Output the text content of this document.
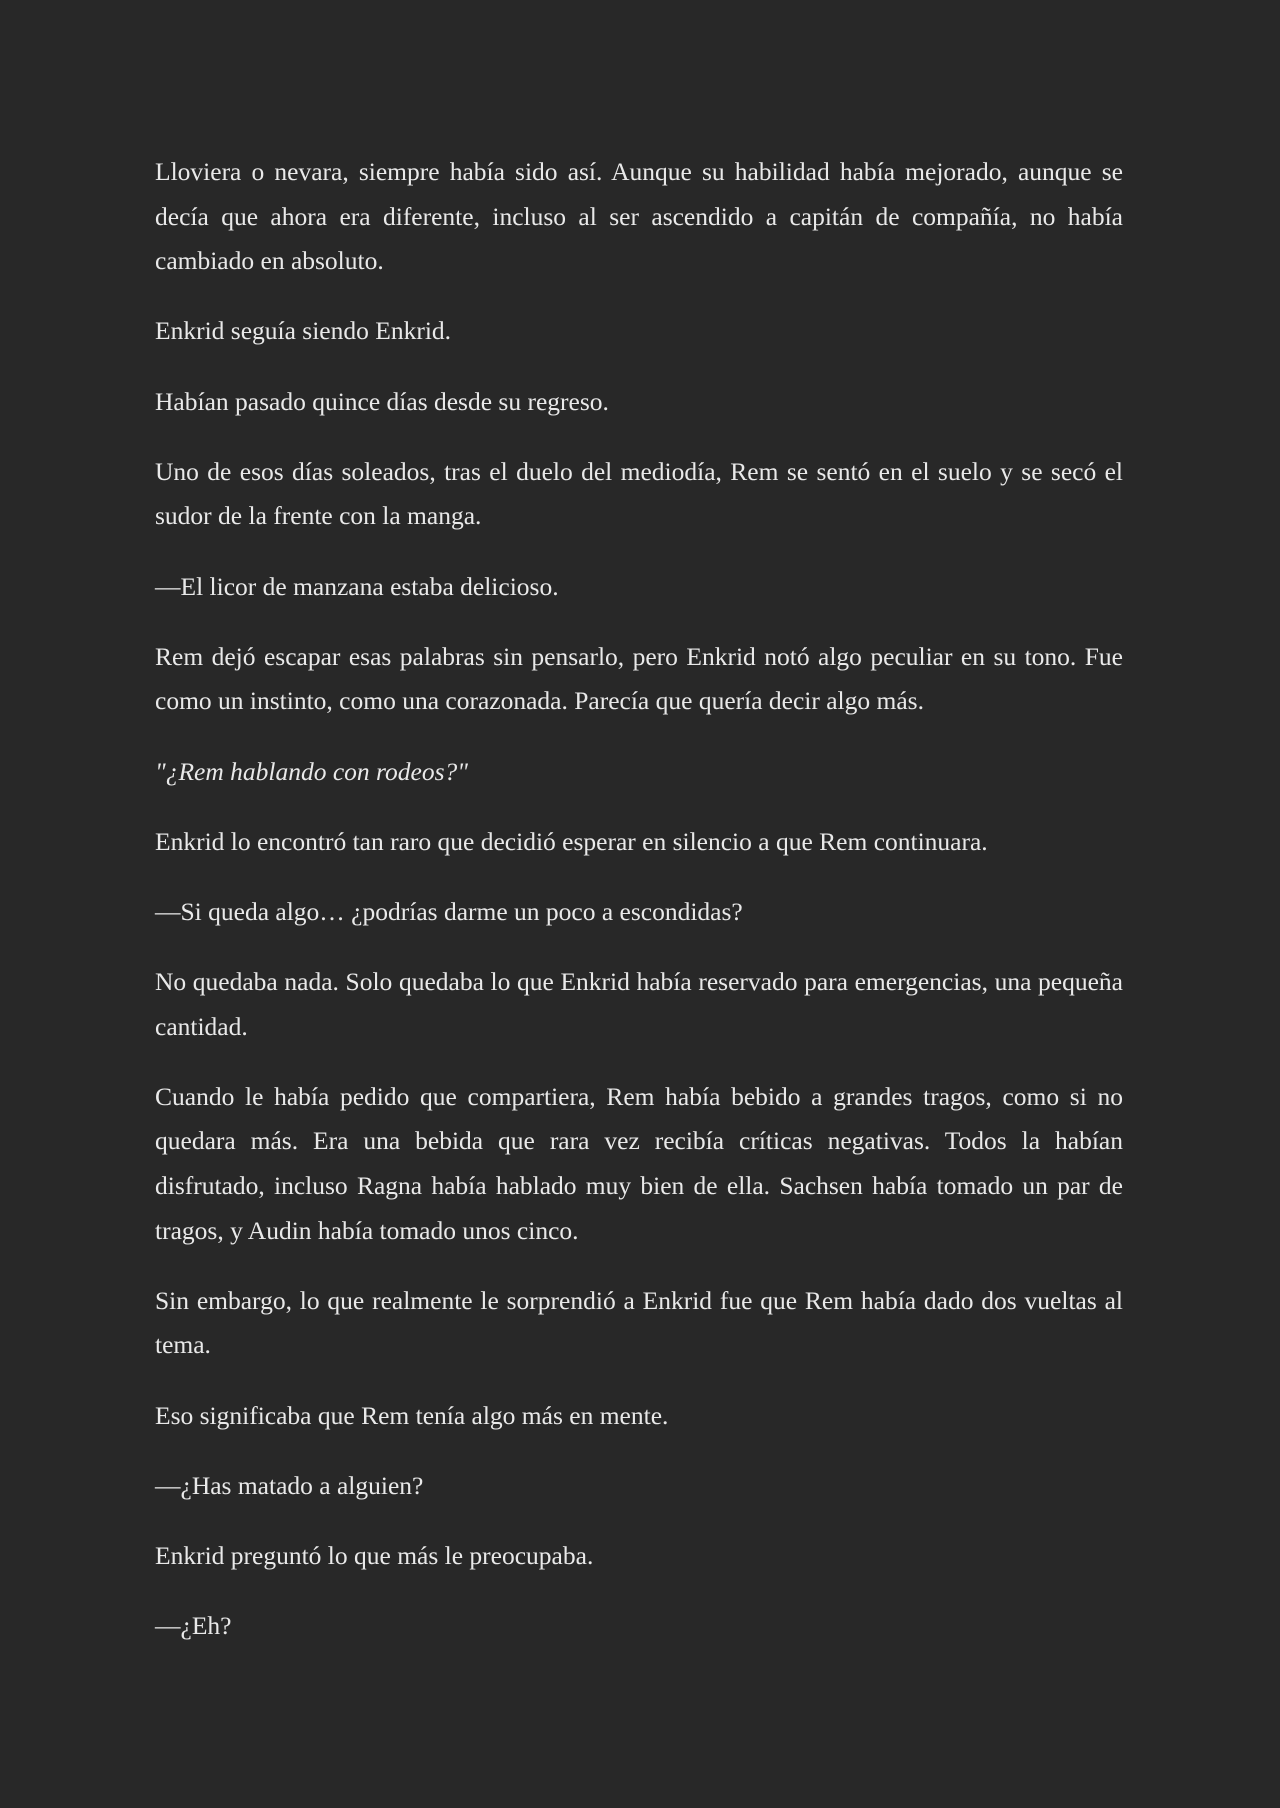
Lloviera o nevara, siempre había sido así. Aunque su habilidad había mejorado, aunque se decía que ahora era diferente, incluso al ser ascendido a capitán de compañía, no había cambiado en absoluto.

Enkrid seguía siendo Enkrid.

Habían pasado quince días desde su regreso.

Uno de esos días soleados, tras el duelo del mediodía, Rem se sentó en el suelo y se secó el sudor de la frente con la manga.

—El licor de manzana estaba delicioso.

Rem dejó escapar esas palabras sin pensarlo, pero Enkrid notó algo peculiar en su tono. Fue como un instinto, como una corazonada. Parecía que quería decir algo más.

"¿Rem hablando con rodeos?"

Enkrid lo encontró tan raro que decidió esperar en silencio a que Rem continuara.

—Si queda algo… ¿podrías darme un poco a escondidas?

No quedaba nada. Solo quedaba lo que Enkrid había reservado para emergencias, una pequeña cantidad.

Cuando le había pedido que compartiera, Rem había bebido a grandes tragos, como si no quedara más. Era una bebida que rara vez recibía críticas negativas. Todos la habían disfrutado, incluso Ragna había hablado muy bien de ella. Sachsen había tomado un par de tragos, y Audin había tomado unos cinco.

Sin embargo, lo que realmente le sorprendió a Enkrid fue que Rem había dado dos vueltas al tema.

Eso significaba que Rem tenía algo más en mente.

—¿Has matado a alguien?

Enkrid preguntó lo que más le preocupaba.

—¿Eh?
